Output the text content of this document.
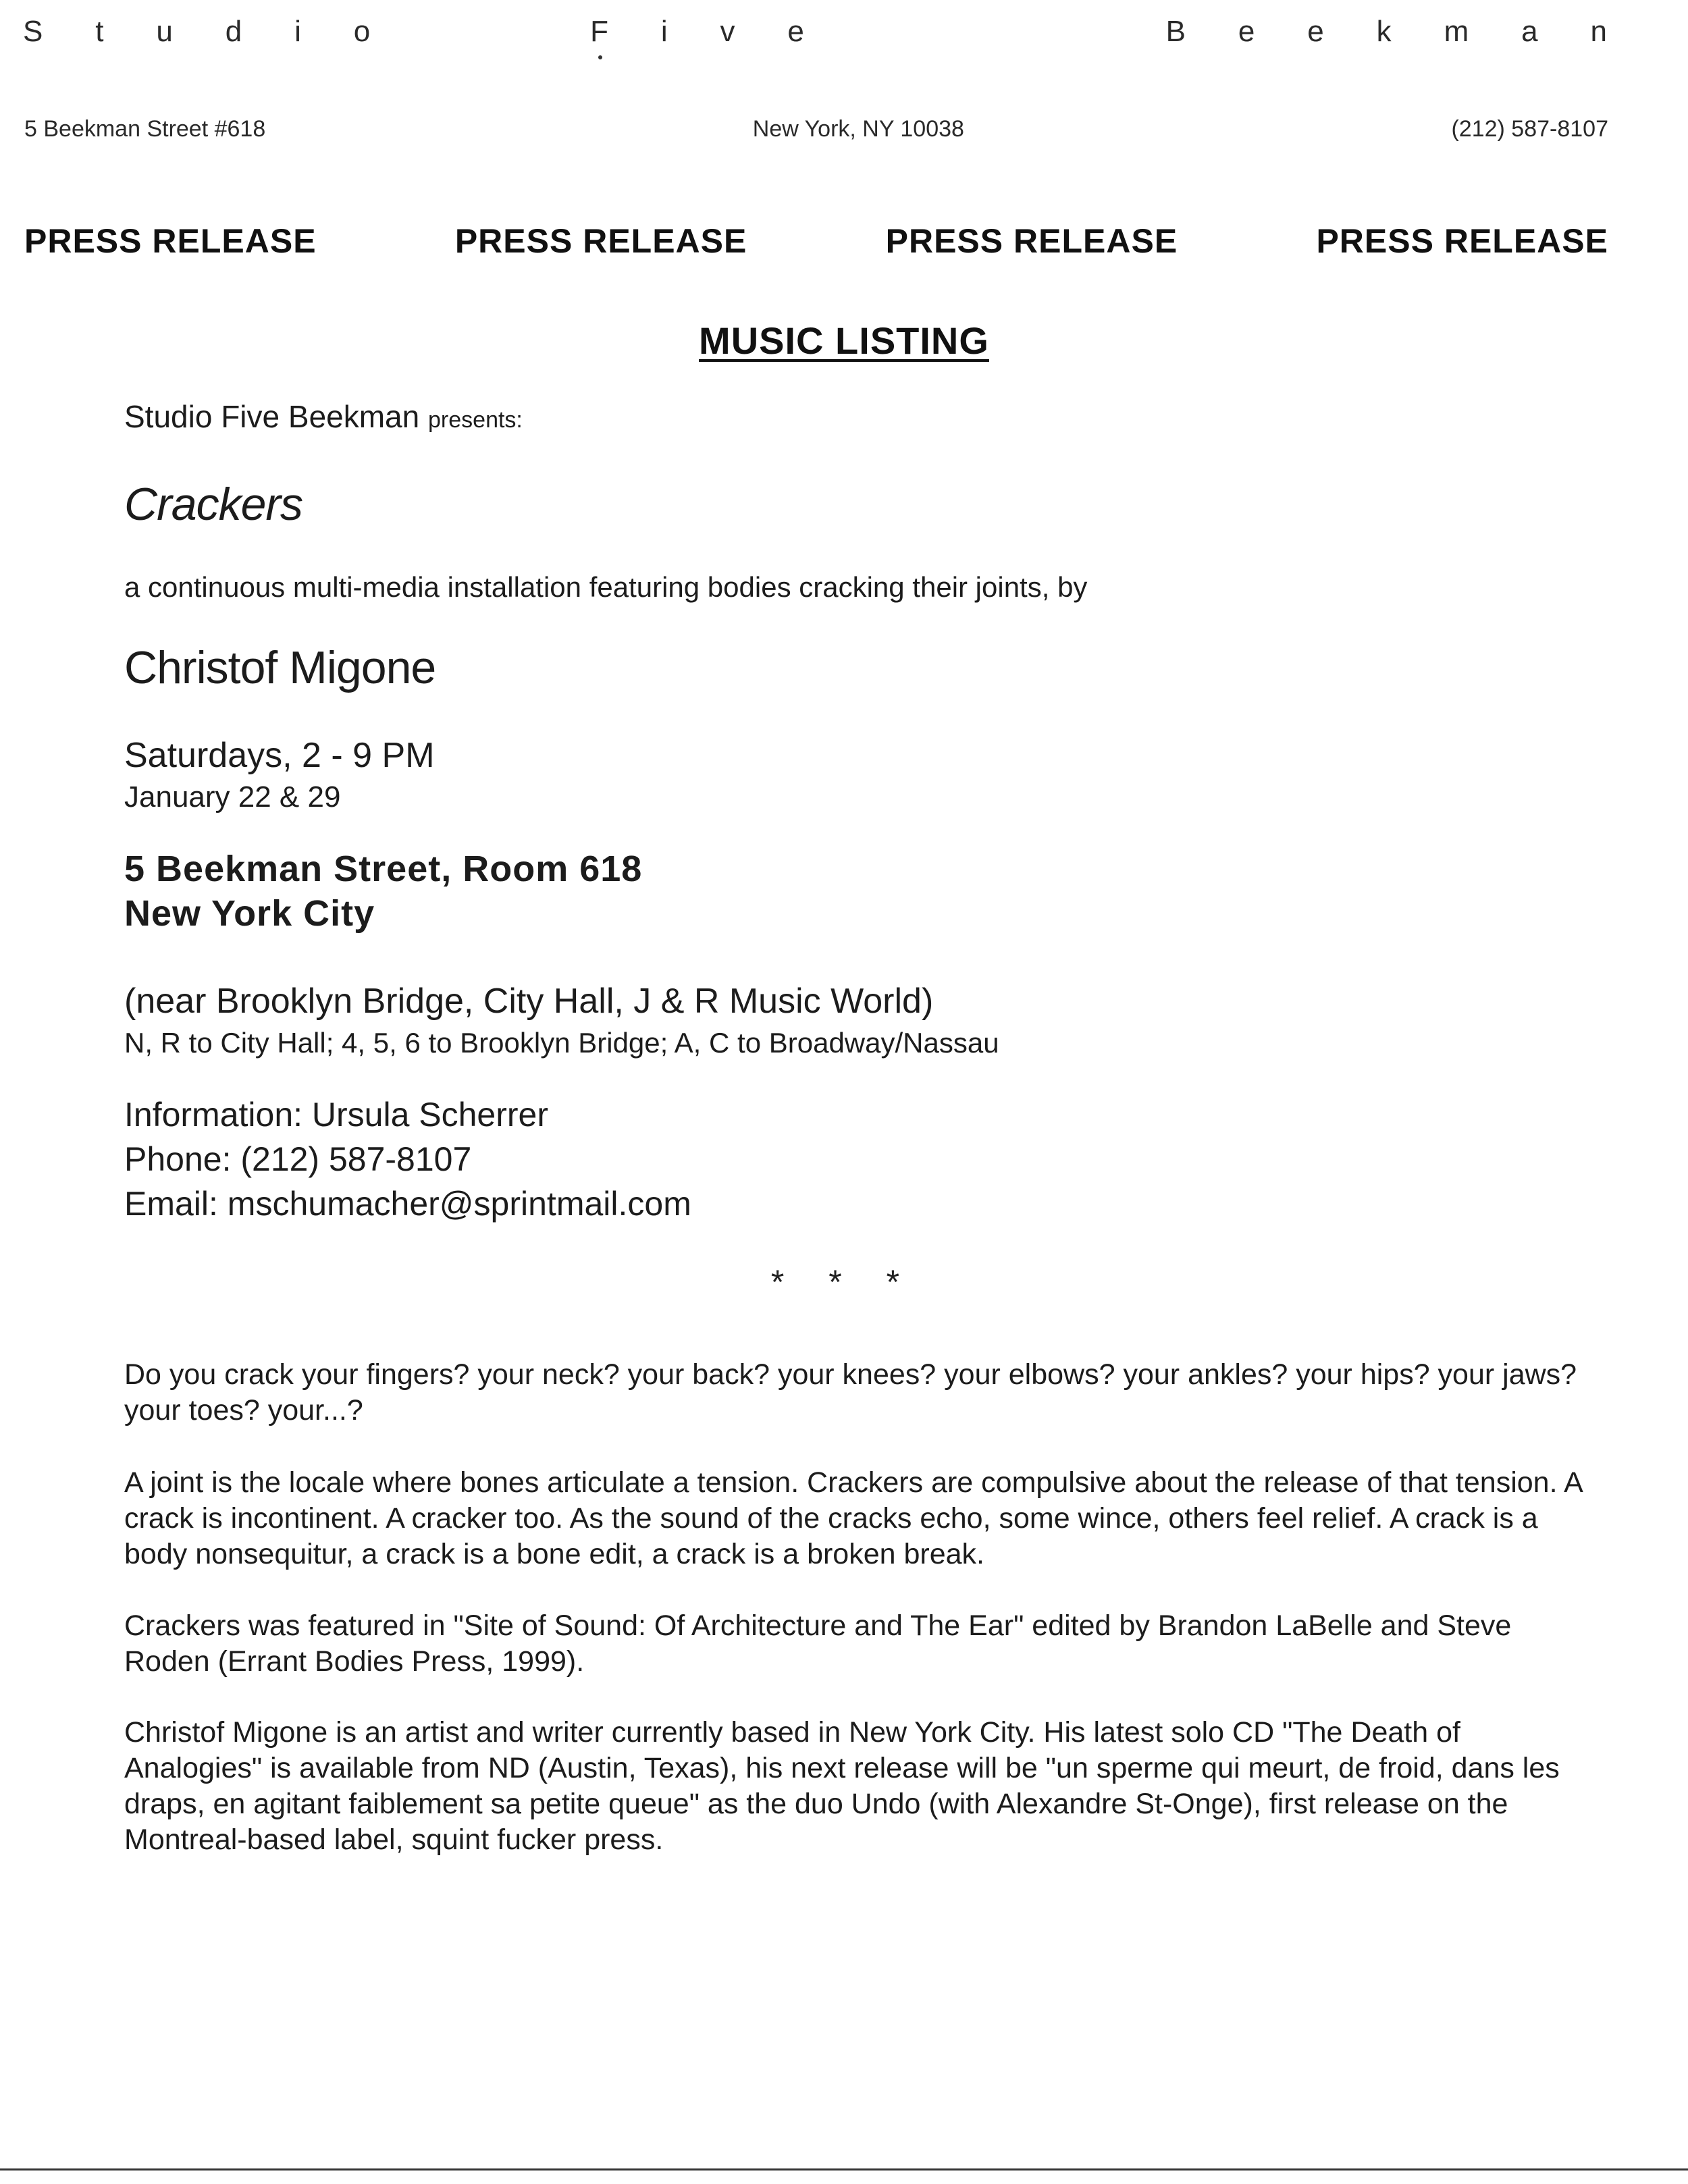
S t u d i o	F i v e	B e e k m a n
5 Beekman Street #618	New York, NY 10038	(212) 587-8107
PRESS RELEASE	PRESS RELEASE	PRESS RELEASE	PRESS RELEASE
MUSIC LISTING
Studio Five Beekman presents:
Crackers
a continuous multi-media installation featuring bodies cracking their joints, by
Christof Migone
Saturdays, 2 - 9 PM
January 22 & 29
5 Beekman Street, Room 618
New York City
(near Brooklyn Bridge, City Hall, J & R Music World)
N, R to City Hall; 4, 5, 6 to Brooklyn Bridge; A, C to Broadway/Nassau
Information: Ursula Scherrer
Phone: (212) 587-8107
Email: mschumacher@sprintmail.com
* * *
Do you crack your fingers? your neck? your back? your knees? your elbows? your ankles? your hips? your jaws? your toes? your...?
A joint is the locale where bones articulate a tension. Crackers are compulsive about the release of that tension. A crack is incontinent. A cracker too. As the sound of the cracks echo, some wince, others feel relief. A crack is a body nonsequitur, a crack is a bone edit, a crack is a broken break.
Crackers was featured in "Site of Sound: Of Architecture and The Ear" edited by Brandon LaBelle and Steve Roden (Errant Bodies Press, 1999).
Christof Migone is an artist and writer currently based in New York City. His latest solo CD "The Death of Analogies" is available from ND (Austin, Texas), his next release will be "un sperme qui meurt, de froid, dans les draps, en agitant faiblement sa petite queue" as the duo Undo (with Alexandre St-Onge), first release on the Montreal-based label, squint fucker press.
